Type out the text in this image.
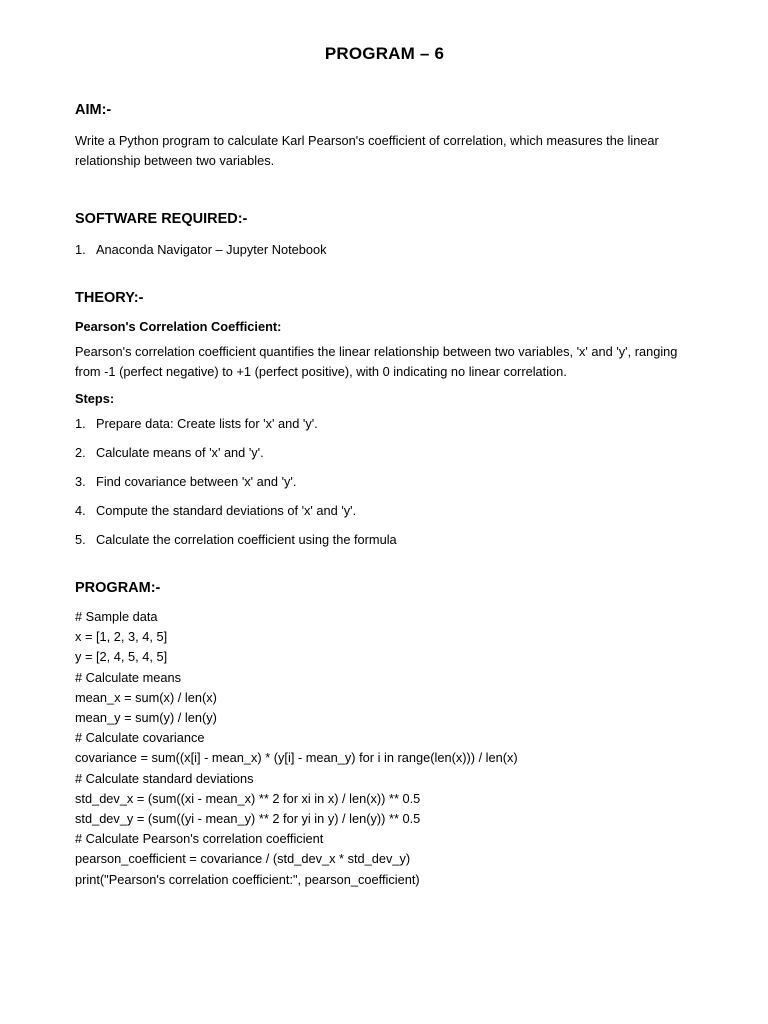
PROGRAM – 6
AIM:-

Write a Python program to calculate Karl Pearson's coefficient of correlation, which measures the linear relationship between two variables.

SOFTWARE REQUIRED:-
1. Anaconda Navigator – Jupyter Notebook
THEORY:-
Pearson's Correlation Coefficient:

Pearson's correlation coefficient quantifies the linear relationship between two variables, 'x' and 'y', ranging from -1 (perfect negative) to +1 (perfect positive), with 0 indicating no linear correlation.

Steps:
1. Prepare data: Create lists for 'x' and 'y'.
2. Calculate means of 'x' and 'y'.
3. Find covariance between 'x' and 'y'.
4. Compute the standard deviations of 'x' and 'y'.
5. Calculate the correlation coefficient using the formula
PROGRAM:-
# Sample data
x = [1, 2, 3, 4, 5]
y = [2, 4, 5, 4, 5]
# Calculate means
mean_x = sum(x) / len(x)
mean_y = sum(y) / len(y)
# Calculate covariance
covariance = sum((x[i] - mean_x) * (y[i] - mean_y) for i in range(len(x))) / len(x)
# Calculate standard deviations
std_dev_x = (sum((xi - mean_x) ** 2 for xi in x) / len(x)) ** 0.5
std_dev_y = (sum((yi - mean_y) ** 2 for yi in y) / len(y)) ** 0.5
# Calculate Pearson's correlation coefficient
pearson_coefficient = covariance / (std_dev_x * std_dev_y)
print("Pearson's correlation coefficient:", pearson_coefficient)
